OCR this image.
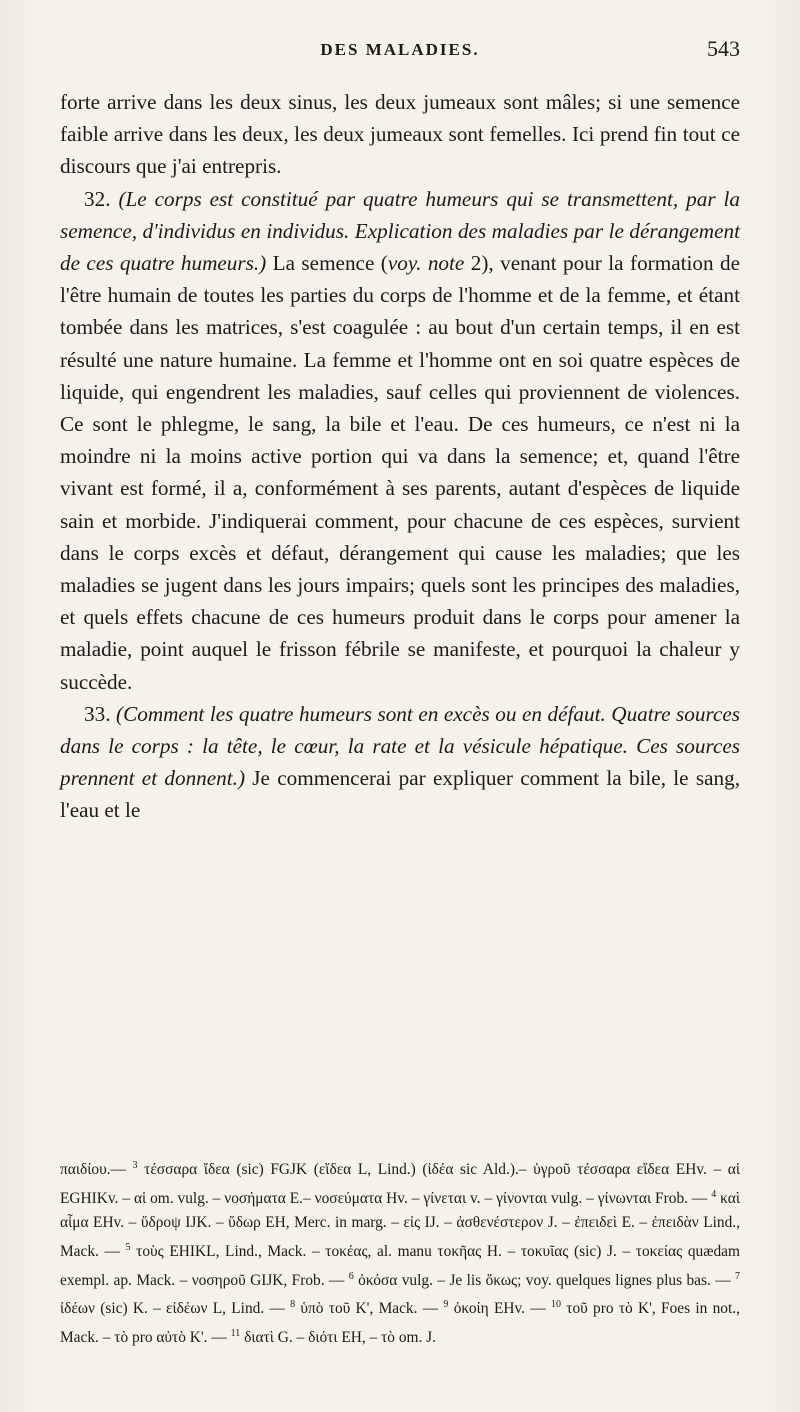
DES MALADIES.	543

forte arrive dans les deux sinus, les deux jumeaux sont mâles; si une semence faible arrive dans les deux, les deux jumeaux sont femelles. Ici prend fin tout ce discours que j'ai entrepris.

32. (Le corps est constitué par quatre humeurs qui se transmettent, par la semence, d'individus en individus. Explication des maladies par le dérangement de ces quatre humeurs.) La semence (voy. note 2), venant pour la formation de l'être humain de toutes les parties du corps de l'homme et de la femme, et étant tombée dans les matrices, s'est coagulée : au bout d'un certain temps, il en est résulté une nature humaine. La femme et l'homme ont en soi quatre espèces de liquide, qui engendrent les maladies, sauf celles qui proviennent de violences. Ce sont le phlegme, le sang, la bile et l'eau. De ces humeurs, ce n'est ni la moindre ni la moins active portion qui va dans la semence; et, quand l'être vivant est formé, il a, conformément à ses parents, autant d'espèces de liquide sain et morbide. J'indiquerai comment, pour chacune de ces espèces, survient dans le corps excès et défaut, dérangement qui cause les maladies; que les maladies se jugent dans les jours impairs; quels sont les principes des maladies, et quels effets chacune de ces humeurs produit dans le corps pour amener la maladie, point auquel le frisson fébrile se manifeste, et pourquoi la chaleur y succède.

33. (Comment les quatre humeurs sont en excès ou en défaut. Quatre sources dans le corps : la tête, le cœur, la rate et la vésicule hépatique. Ces sources prennent et donnent.) Je commencerai par expliquer comment la bile, le sang, l'eau et le

παιδίου.— $^3$ τέσσαρα ἴδεα (sic) FGJK (εἴδεα L, Lind.) (ἰδέα sic Ald.).– ὑγροῦ τέσσαρα εἴδεα EHv. – αἱ EGHIKv. – αἱ om. vulg. – νοσήματα E.– νοσεύματα Hv. – γίνεται v. – γίνονται vulg. – γίνωνται Frob. — $^4$ καὶ αἷμα EHv. – ὕδροψ IJK. – ὕδωρ EH, Merc. in marg. – εἰς IJ. – ἀσθενέστερον J. – ἐπειδεὶ E. – ἐπειδὰν Lind., Mack. — $^5$ τοὺς EHIKL, Lind., Mack. – τοκέας, al. manu τοκῆας H. – τοκυῖας (sic) J. – τοκείας quædam exempl. ap. Mack. – νοσηροῦ GIJK, Frob. — $^6$ ὀκόσα vulg. – Je lis ὄκως; voy. quelques lignes plus bas. — $^7$ ἰδέων (sic) K. – εἰδέων L, Lind. — $^8$ ὑπὸ τοῦ K', Mack. — $^9$ ὀκοίη EHv. — $^{10}$ τοῦ pro τὸ K', Foes in not., Mack. – τὸ pro αὐτὸ K'. — $^{11}$ διατὶ G. – διότι EH, – τὸ om. J.
